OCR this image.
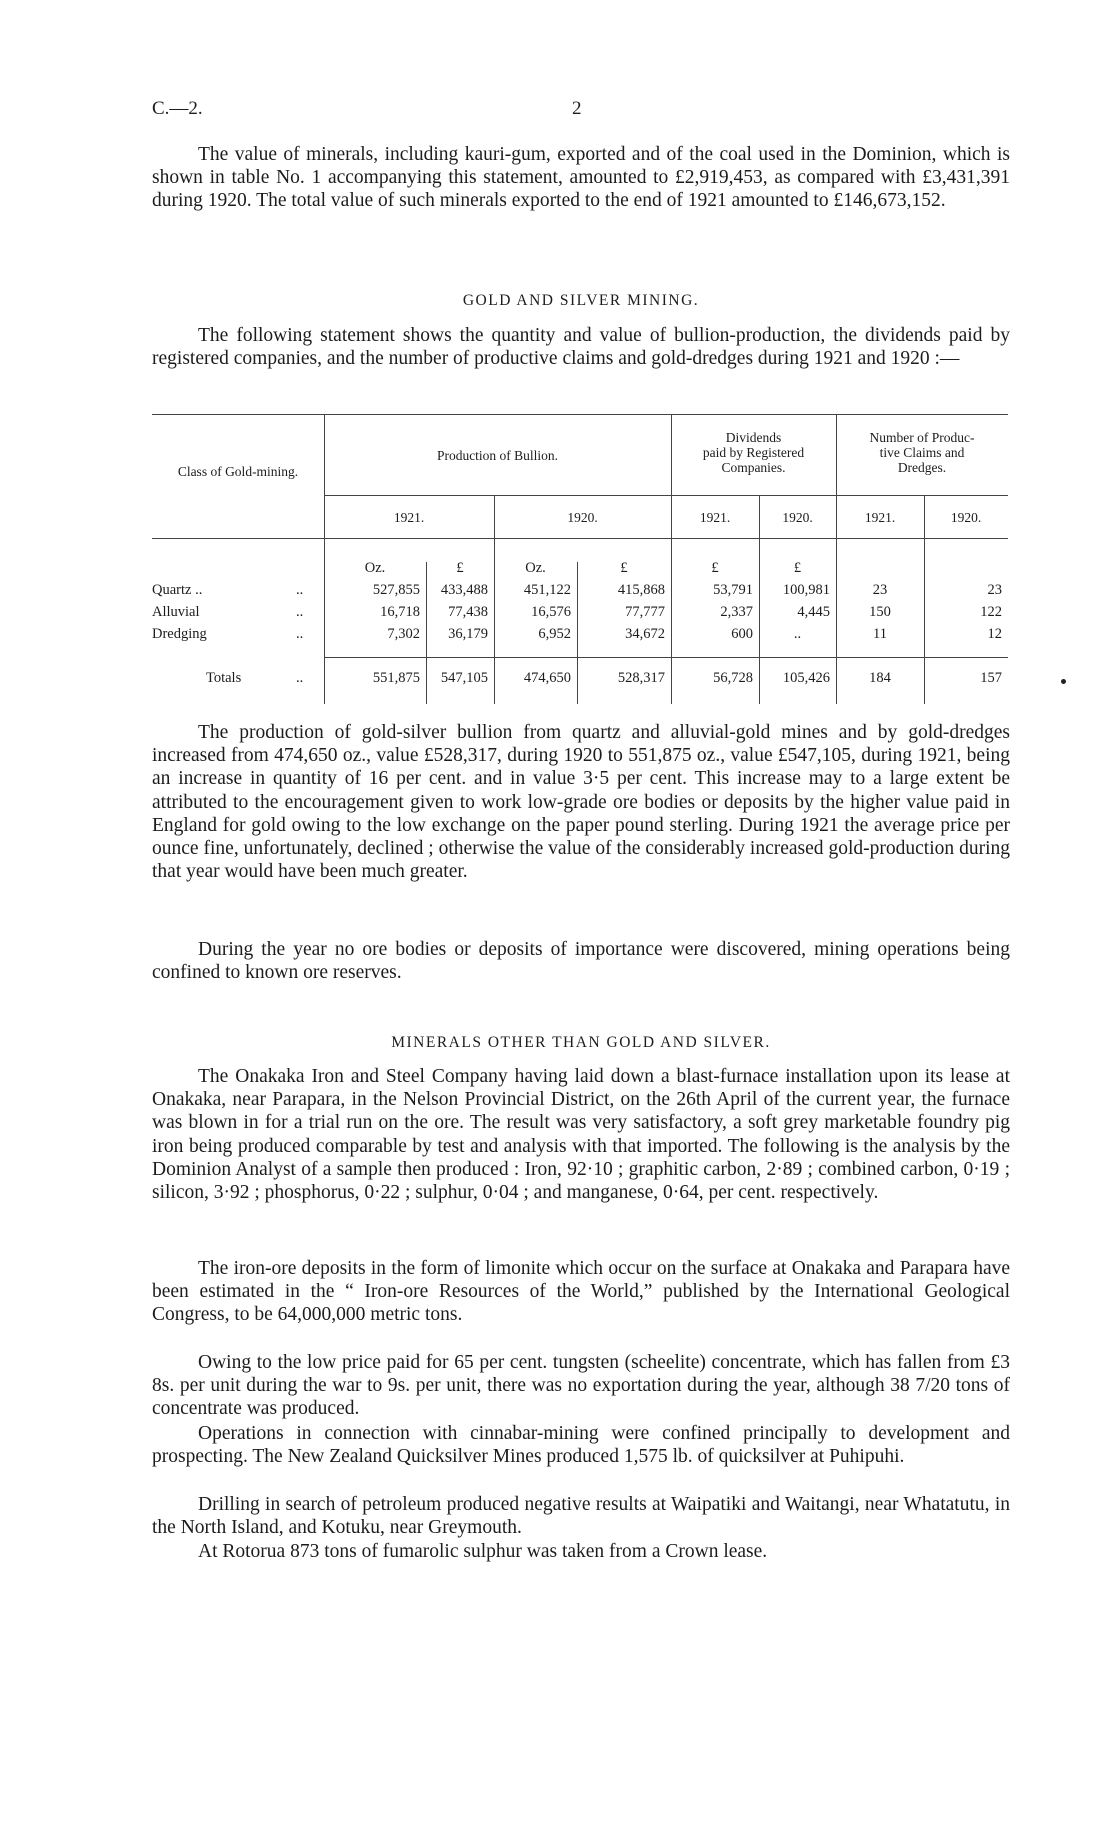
C.—2.	2

The value of minerals, including kauri-gum, exported and of the coal used in the Dominion, which is shown in table No. 1 accompanying this statement, amounted to £2,919,453, as compared with £3,431,391 during 1920. The total value of such minerals exported to the end of 1921 amounted to £146,673,152.

GOLD AND SILVER MINING.

The following statement shows the quantity and value of bullion-production, the dividends paid by registered companies, and the number of productive claims and gold-dredges during 1921 and 1920 :—

Class of Gold-mining.
Production of Bullion.
Dividends
paid by Registered
Companies.
Number of Produc-
tive Claims and
Dredges.
1921.	1920.	1921.	1920.	1921.	1920.
Oz.	£	Oz.	£	£	£
Quartz ..	..	527,855	433,488	451,122	415,868	53,791	100,981	23	23
Alluvial	..	16,718	77,438	16,576	77,777	2,337	4,445	150	122
Dredging	..	7,302	36,179	6,952	34,672	600	..	11	12
Totals	..	551,875	547,105	474,650	528,317	56,728	105,426	184	157

The production of gold-silver bullion from quartz and alluvial-gold mines and by gold-dredges increased from 474,650 oz., value £528,317, during 1920 to 551,875 oz., value £547,105, during 1921, being an increase in quantity of 16 per cent. and in value 3·5 per cent. This increase may to a large extent be attributed to the encouragement given to work low-grade ore bodies or deposits by the higher value paid in England for gold owing to the low exchange on the paper pound sterling. During 1921 the average price per ounce fine, unfortunately, declined ; otherwise the value of the considerably increased gold-production during that year would have been much greater.

During the year no ore bodies or deposits of importance were discovered, mining operations being confined to known ore reserves.

MINERALS OTHER THAN GOLD AND SILVER.

The Onakaka Iron and Steel Company having laid down a blast-furnace installation upon its lease at Onakaka, near Parapara, in the Nelson Provincial District, on the 26th April of the current year, the furnace was blown in for a trial run on the ore. The result was very satisfactory, a soft grey marketable foundry pig iron being produced comparable by test and analysis with that imported. The following is the analysis by the Dominion Analyst of a sample then produced : Iron, 92·10 ; graphitic carbon, 2·89 ; combined carbon, 0·19 ; silicon, 3·92 ; phosphorus, 0·22 ; sulphur, 0·04 ; and manganese, 0·64, per cent. respectively.

The iron-ore deposits in the form of limonite which occur on the surface at Onakaka and Parapara have been estimated in the “ Iron-ore Resources of the World,” published by the International Geological Congress, to be 64,000,000 metric tons.

Owing to the low price paid for 65 per cent. tungsten (scheelite) concentrate, which has fallen from £3 8s. per unit during the war to 9s. per unit, there was no exportation during the year, although 38 7/20 tons of concentrate was produced.

Operations in connection with cinnabar-mining were confined principally to development and prospecting. The New Zealand Quicksilver Mines produced 1,575 lb. of quicksilver at Puhipuhi.

Drilling in search of petroleum produced negative results at Waipatiki and Waitangi, near Whatatutu, in the North Island, and Kotuku, near Greymouth.

At Rotorua 873 tons of fumarolic sulphur was taken from a Crown lease.
